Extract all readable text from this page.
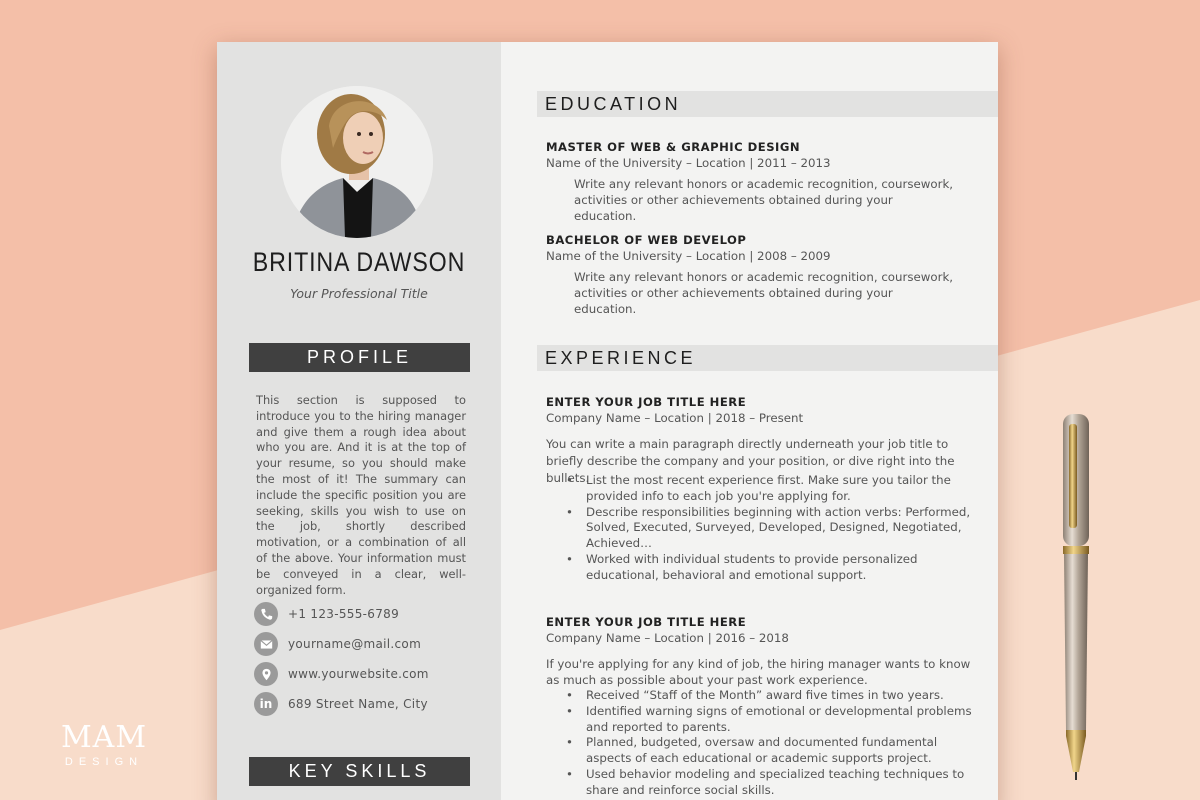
BRITINA DAWSON
Your Professional Title
PROFILE
This section is supposed to introduce you to the hiring manager and give them a rough idea about who you are. And it is at the top of your resume, so you should make the most of it! The summary can include the specific position you are seeking, skills you wish to use on the job, shortly described motivation, or a combination of all of the above. Your information must be conveyed in a clear, well-organized form.
+1 123-555-6789
yourname@mail.com
www.yourwebsite.com
in	689 Street Name, City
KEY SKILLS
EDUCATION
MASTER OF WEB & GRAPHIC DESIGN
Name of the University – Location | 2011 – 2013
Write any relevant honors or academic recognition, coursework, activities or other achievements obtained during your education.
BACHELOR OF WEB DEVELOP
Name of the University – Location | 2008 – 2009
Write any relevant honors or academic recognition, coursework, activities or other achievements obtained during your education.
EXPERIENCE
ENTER YOUR JOB TITLE HERE
Company Name – Location | 2018 – Present
You can write a main paragraph directly underneath your job title to briefly describe the company and your position, or dive right into the bullets.
• List the most recent experience first. Make sure you tailor the provided info to each job you're applying for.
• Describe responsibilities beginning with action verbs: Performed, Solved, Executed, Surveyed, Developed, Designed, Negotiated, Achieved…
• Worked with individual students to provide personalized educational, behavioral and emotional support.
ENTER YOUR JOB TITLE HERE
Company Name – Location | 2016 – 2018
If you're applying for any kind of job, the hiring manager wants to know as much as possible about your past work experience.
• Received “Staff of the Month” award five times in two years.
• Identified warning signs of emotional or developmental problems and reported to parents.
• Planned, budgeted, oversaw and documented fundamental aspects of each educational or academic supports project.
• Used behavior modeling and specialized teaching techniques to share and reinforce social skills.
MAM
DESIGN
